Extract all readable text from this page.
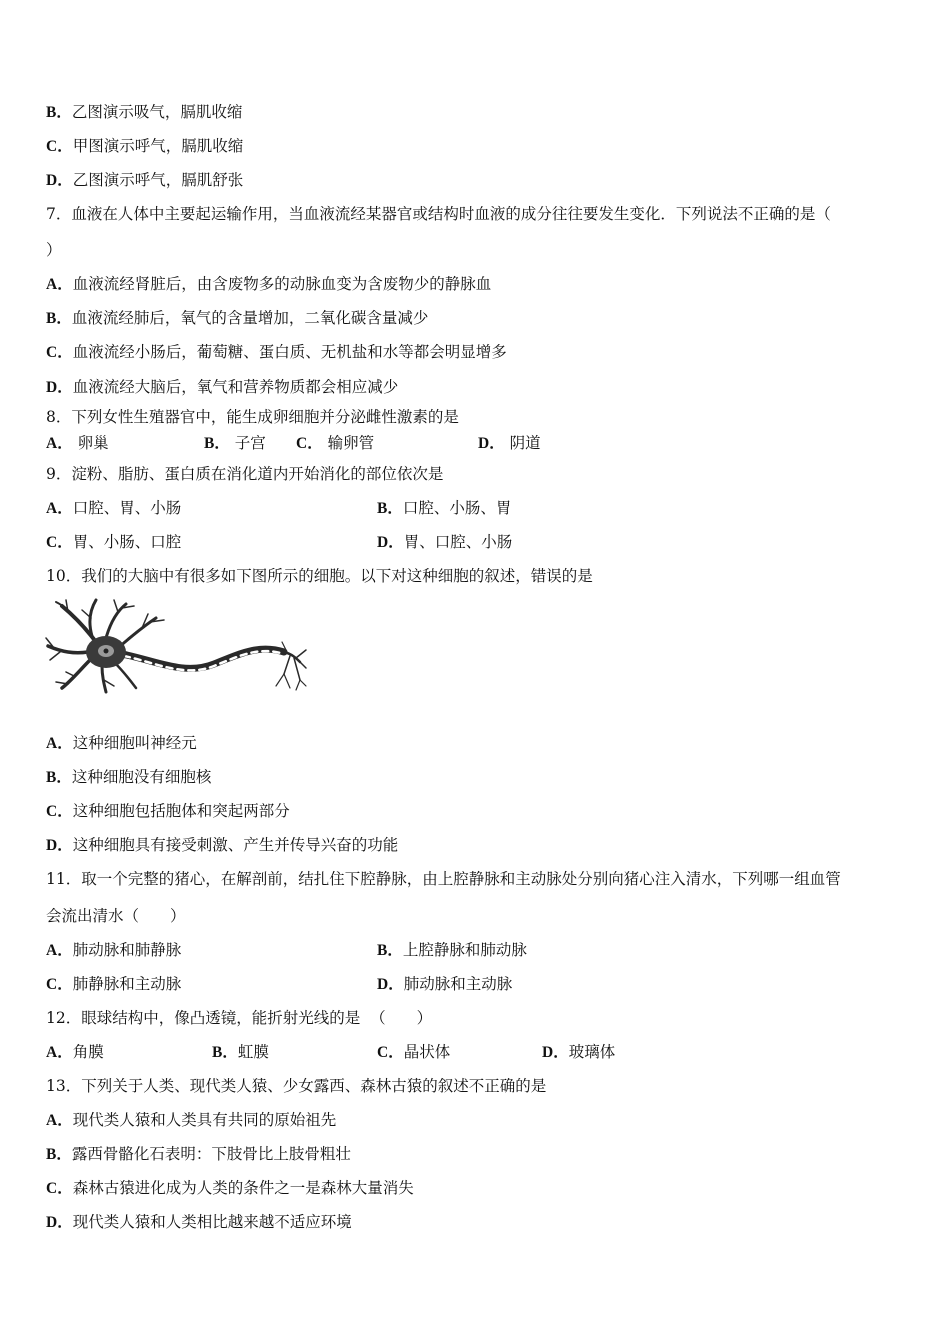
B．乙图演示吸气，膈肌收缩
C．甲图演示呼气，膈肌收缩
D．乙图演示呼气，膈肌舒张
7．血液在人体中主要起运输作用，当血液流经某器官或结构时血液的成分往往要发生变化．下列说法不正确的是（
）
A．血液流经肾脏后，由含废物多的动脉血变为含废物少的静脉血
B．血液流经肺后，氧气的含量增加，二氧化碳含量减少
C．血液流经小肠后，葡萄糖、蛋白质、无机盐和水等都会明显增多
D．血液流经大脑后，氧气和营养物质都会相应减少
8．下列女性生殖器官中，能生成卵细胞并分泌雌性激素的是
A． 卵巢	B． 子宫 C． 输卵管	D． 阴道
9．淀粉、脂肪、蛋白质在消化道内开始消化的部位依次是
A．口腔、胃、小肠	B．口腔、小肠、胃
C．胃、小肠、口腔	D．胃、口腔、小肠
10．我们的大脑中有很多如下图所示的细胞。以下对这种细胞的叙述，错误的是
A．这种细胞叫神经元
B．这种细胞没有细胞核
C．这种细胞包括胞体和突起两部分
D．这种细胞具有接受刺激、产生并传导兴奋的功能
11．取一个完整的猪心，在解剖前，结扎住下腔静脉，由上腔静脉和主动脉处分别向猪心注入清水，下列哪一组血管
会流出清水（　　）
A．肺动脉和肺静脉	B．上腔静脉和肺动脉
C．肺静脉和主动脉	D．肺动脉和主动脉
12．眼球结构中，像凸透镜，能折射光线的是  （　　）
A．角膜	B．虹膜	C．晶状体	D．玻璃体
13．下列关于人类、现代类人猿、少女露西、森林古猿的叙述不正确的是
A．现代类人猿和人类具有共同的原始祖先
B．露西骨骼化石表明：下肢骨比上肢骨粗壮
C．森林古猿进化成为人类的条件之一是森林大量消失
D．现代类人猿和人类相比越来越不适应环境
